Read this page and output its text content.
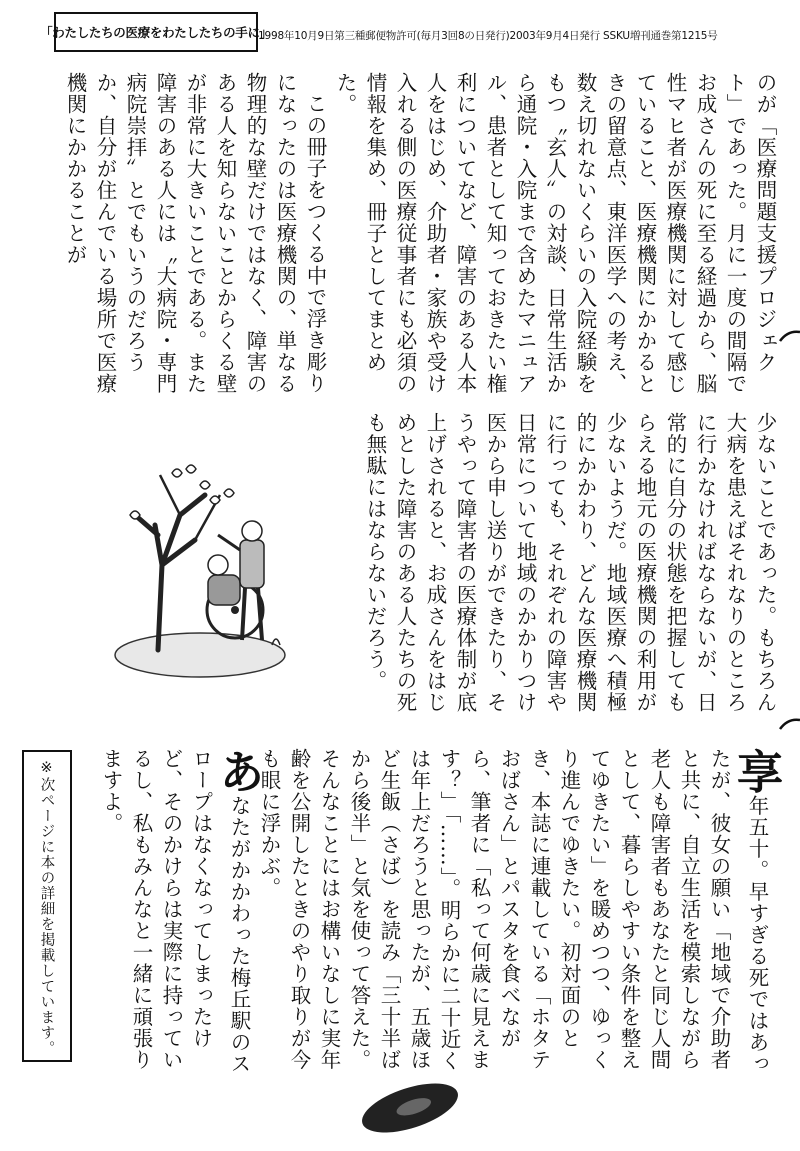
「わたしたちの医療をわたしたちの手に」
1998年10月9日第三種郵便物許可(毎月3回8の日発行)2003年9月4日発行 SSKU増刊通巻第1215号

のが「医療問題支援プロジェクト」であった。月に一度の間隔でお成さんの死に至る経過から、脳性マヒ者が医療機関に対して感じていること、医療機関にかかるときの留意点、東洋医学への考え、数え切れないくらいの入院経験をもつ〝玄人〟の対談、日常生活から通院・入院まで含めたマニュアル、患者として知っておきたい権利についてなど、障害のある人本人をはじめ、介助者・家族や受け入れる側の医療従事者にも必須の情報を集め、冊子としてまとめた。

この冊子をつくる中で浮き彫りになったのは医療機関の、単なる物理的な壁だけではなく、障害のある人を知らないことからくる壁が非常に大きいことである。また障害のある人には〝大病院・専門病院崇拝〟とでもいうのだろうか、自分が住んでいる場所で医療機関にかかることが

少ないことであった。もちろん大病を患えばそれなりのところに行かなければならないが、日常的に自分の状態を把握してもらえる地元の医療機関の利用が少ないようだ。地域医療へ積極的にかかわり、どんな医療機関に行っても、それぞれの障害や日常について地域のかかりつけ医から申し送りができたり、そうやって障害者の医療体制が底上げされると、お成さんをはじめとした障害のある人たちの死も無駄にはならないだろう。

享年五十。早すぎる死ではあったが、彼女の願い「地域で介助者と共に、自立生活を模索しながら老人も障害者もあなたと同じ人間として、暮らしやすい条件を整えてゆきたい」を暖めつつ、ゆっくり進んでゆきたい。初対面のとき、本誌に連載している「ホタテおばさん」とパスタを食べながら、筆者に「私って何歳に見えます？」「……」。明らかに二十近くは年上だろうと思ったが、五歳ほど生飯（さば）を読み「三十半ばから後半」と気を使って答えた。そんなことにはお構いなしに実年齢を公開したときのやり取りが今も眼に浮かぶ。

あなたがかかわった梅丘駅のスロープはなくなってしまったけど、そのかけらは実際に持っているし、私もみんなと一緒に頑張りますよ。

※次ページに本の詳細を掲載しています。
